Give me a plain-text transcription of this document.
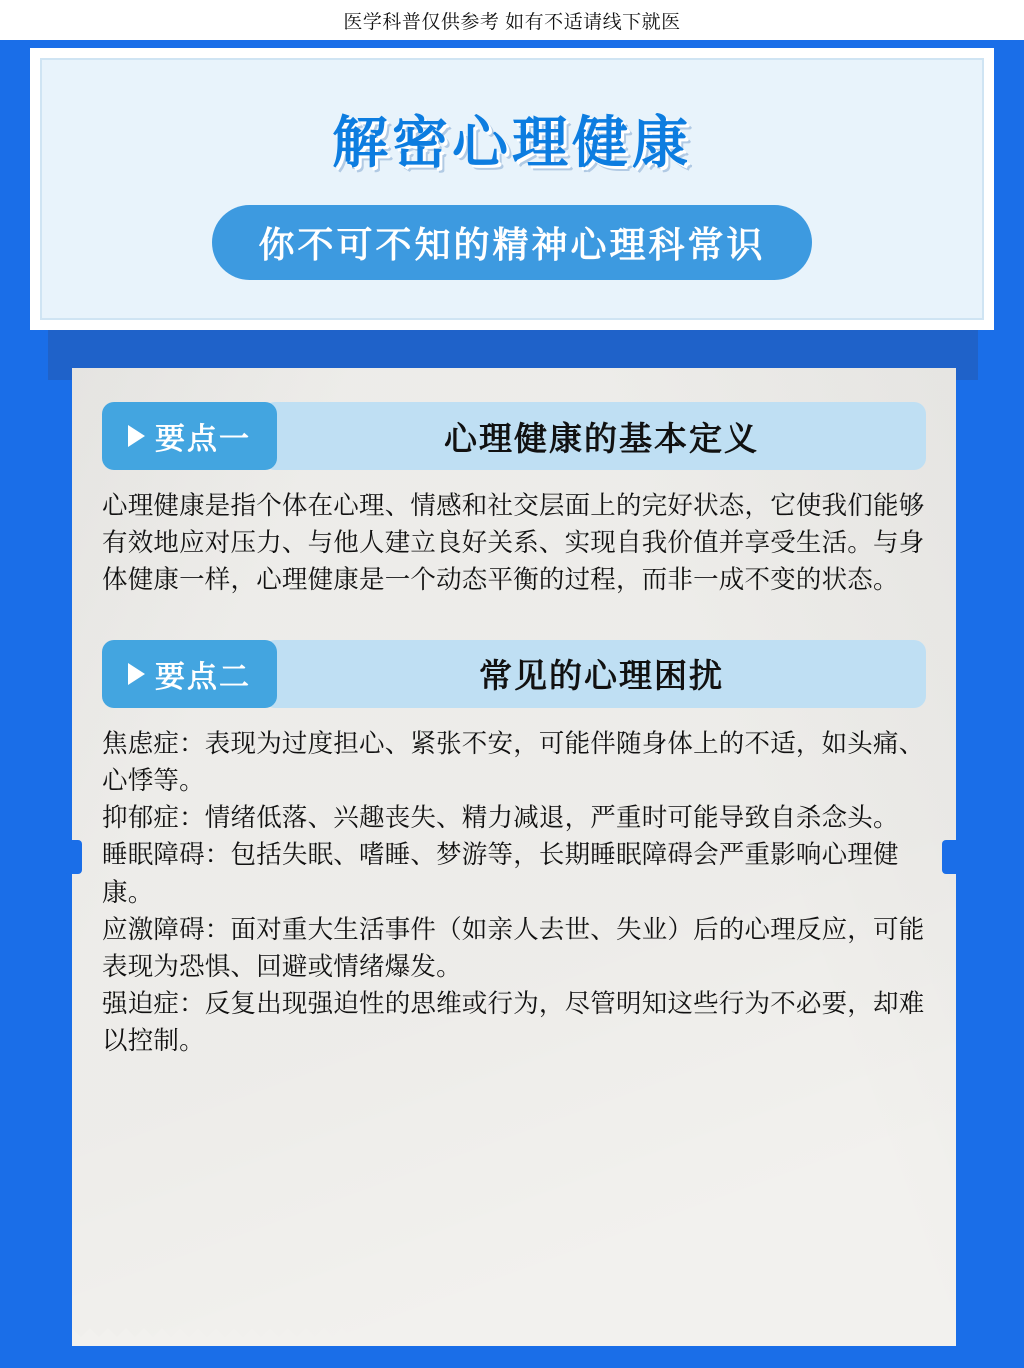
医学科普仅供参考 如有不适请线下就医
解密心理健康
你不可不知的精神心理科常识
要点一	心理健康的基本定义

心理健康是指个体在心理、情感和社交层面上的完好状态，它使我们能够有效地应对压力、与他人建立良好关系、实现自我价值并享受生活。与身体健康一样，心理健康是一个动态平衡的过程，而非一成不变的状态。

要点二	常见的心理困扰

焦虑症：表现为过度担心、紧张不安，可能伴随身体上的不适，如头痛、心悸等。

抑郁症：情绪低落、兴趣丧失、精力减退，严重时可能导致自杀念头。

睡眠障碍：包括失眠、嗜睡、梦游等，长期睡眠障碍会严重影响心理健康。

应激障碍：面对重大生活事件（如亲人去世、失业）后的心理反应，可能表现为恐惧、回避或情绪爆发。

强迫症：反复出现强迫性的思维或行为，尽管明知这些行为不必要，却难以控制。
